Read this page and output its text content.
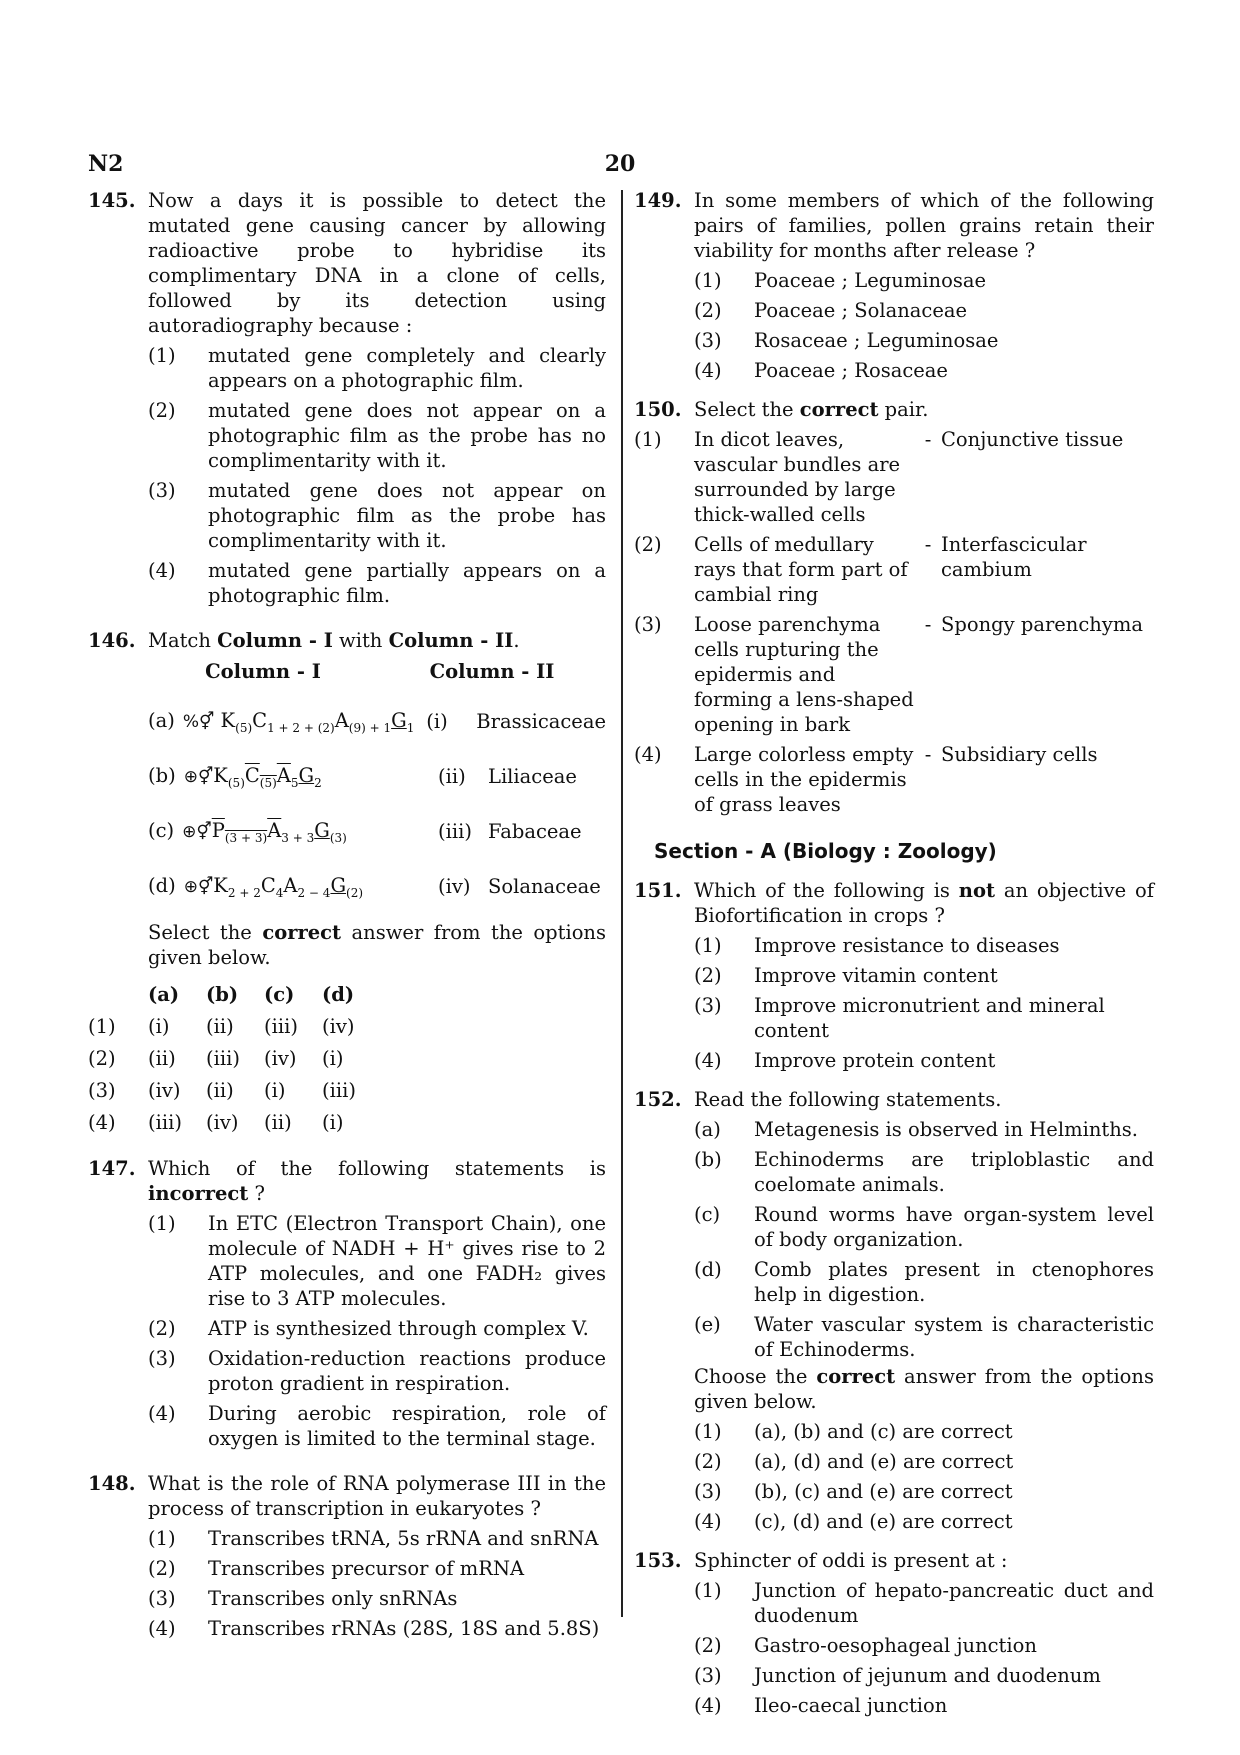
N2	20
145. Now a days it is possible to detect the mutated gene causing cancer by allowing radioactive probe to hybridise its complimentary DNA in a clone of cells, followed by its detection using autoradiography because :
(1) mutated gene completely and clearly appears on a photographic film.
(2) mutated gene does not appear on a photographic film as the probe has no complimentarity with it.
(3) mutated gene does not appear on photographic film as the probe has complimentarity with it.
(4) mutated gene partially appears on a photographic film.
146. Match Column - I with Column - II.
Column - I	Column - II
(a) %⚥ $K_{(5)}C_{1 + 2 + (2)}A_{(9) + 1}G_1$ (i)	Brassicaceae
(b) $\oplus⚥K_{(5)}C_{(5)}A_5G_2$	(ii)	Liliaceae
(c) $\oplus⚥P_{(3 + 3)}A_{3 + 3}G_{(3)}$	(iii) Fabaceae
(d) $\oplus⚥K_{2 + 2}C_4A_{2 - 4}G_{(2)}$	(iv) Solanaceae
Select the correct answer from the options given below.
(a)	(b)	(c)	(d)
(1)	(i)	(ii)	(iii)	(iv)
(2)	(ii)	(iii)	(iv)	(i)
(3)	(iv)	(ii)	(i)	(iii)
(4)	(iii)	(iv)	(ii)	(i)
147. Which of the following statements is incorrect ?
(1) In ETC (Electron Transport Chain), one molecule of NADH + H⁺ gives rise to 2 ATP molecules, and one FADH₂ gives rise to 3 ATP molecules.
(2) ATP is synthesized through complex V.
(3) Oxidation-reduction reactions produce proton gradient in respiration.
(4) During aerobic respiration, role of oxygen is limited to the terminal stage.
148. What is the role of RNA polymerase III in the process of transcription in eukaryotes ?
(1) Transcribes tRNA, 5s rRNA and snRNA
(2) Transcribes precursor of mRNA
(3) Transcribes only snRNAs
(4) Transcribes rRNAs (28S, 18S and 5.8S)
149. In some members of which of the following pairs of families, pollen grains retain their viability for months after release ?
(1) Poaceae ; Leguminosae
(2) Poaceae ; Solanaceae
(3) Rosaceae ; Leguminosae
(4) Poaceae ; Rosaceae
150. Select the correct pair.
(1)	In dicot leaves, vascular bundles are surrounded by large thick-walled cells
- Conjunctive tissue
(2)	Cells of medullary rays that form part of cambial ring
- Interfascicular cambium
(3)	Loose parenchyma cells rupturing the epidermis and forming a lens-shaped opening in bark
- Spongy parenchyma
(4)	Large colorless empty cells in the epidermis of grass leaves
- Subsidiary cells
Section - A (Biology : Zoology)
151. Which of the following is not an objective of Biofortification in crops ?
(1) Improve resistance to diseases
(2) Improve vitamin content
(3) Improve micronutrient and mineral content
(4) Improve protein content
152. Read the following statements.
(a) Metagenesis is observed in Helminths.
(b) Echinoderms are triploblastic and coelomate animals.
(c) Round worms have organ-system level of body organization.
(d) Comb plates present in ctenophores help in digestion.
(e) Water vascular system is characteristic of Echinoderms.
Choose the correct answer from the options given below.
(1) (a), (b) and (c) are correct
(2) (a), (d) and (e) are correct
(3) (b), (c) and (e) are correct
(4) (c), (d) and (e) are correct
153. Sphincter of oddi is present at :
(1) Junction of hepato-pancreatic duct and duodenum
(2) Gastro-oesophageal junction
(3) Junction of jejunum and duodenum
(4) Ileo-caecal junction
